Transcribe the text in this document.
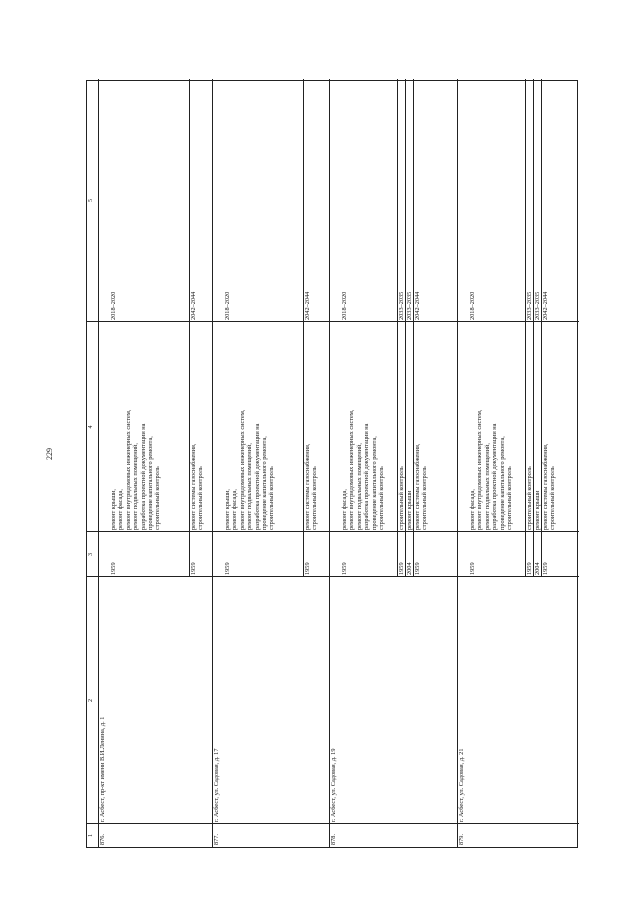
229
1
2
3
4
5
876.
г. Асбест, пр-кт имени В.И.Ленина, д. 1
1959
ремонт крыши,
ремонт фасада,
ремонт внутридомовых инженерных систем,
ремонт подвальных помещений,
разработка проектной документации на
проведение капитального ремонта,
строительный контроль
2018–2020
1959
ремонт системы газоснабжения,
строительный контроль
2042–2044
877.
г. Асбест, ул. Садовая, д. 17
1959
ремонт крыши,
ремонт фасада,
ремонт внутридомовых инженерных систем,
ремонт подвальных помещений,
разработка проектной документации на
проведение капитального ремонта,
строительный контроль
2018–2020
1959
ремонт системы газоснабжения,
строительный контроль
2042–2044
878.
г. Асбест, ул. Садовая, д. 19
1959
ремонт фасада,
ремонт внутридомовых инженерных систем,
ремонт подвальных помещений,
разработка проектной документации на
проведение капитального ремонта,
строительный контроль
2018–2020
1959
строительный контроль
2033–2035
2004
ремонт крыши
2033–2035
1959
ремонт системы газоснабжения,
строительный контроль
2042–2044
879.
г. Асбест, ул. Садовая, д. 21
1959
ремонт фасада,
ремонт внутридомовых инженерных систем,
ремонт подвальных помещений,
разработка проектной документации на
проведение капитального ремонта,
строительный контроль
2018–2020
1959
строительный контроль
2033–2035
2004
ремонт крыши
2033–2035
1959
ремонт системы газоснабжения,
строительный контроль
2042–2044
